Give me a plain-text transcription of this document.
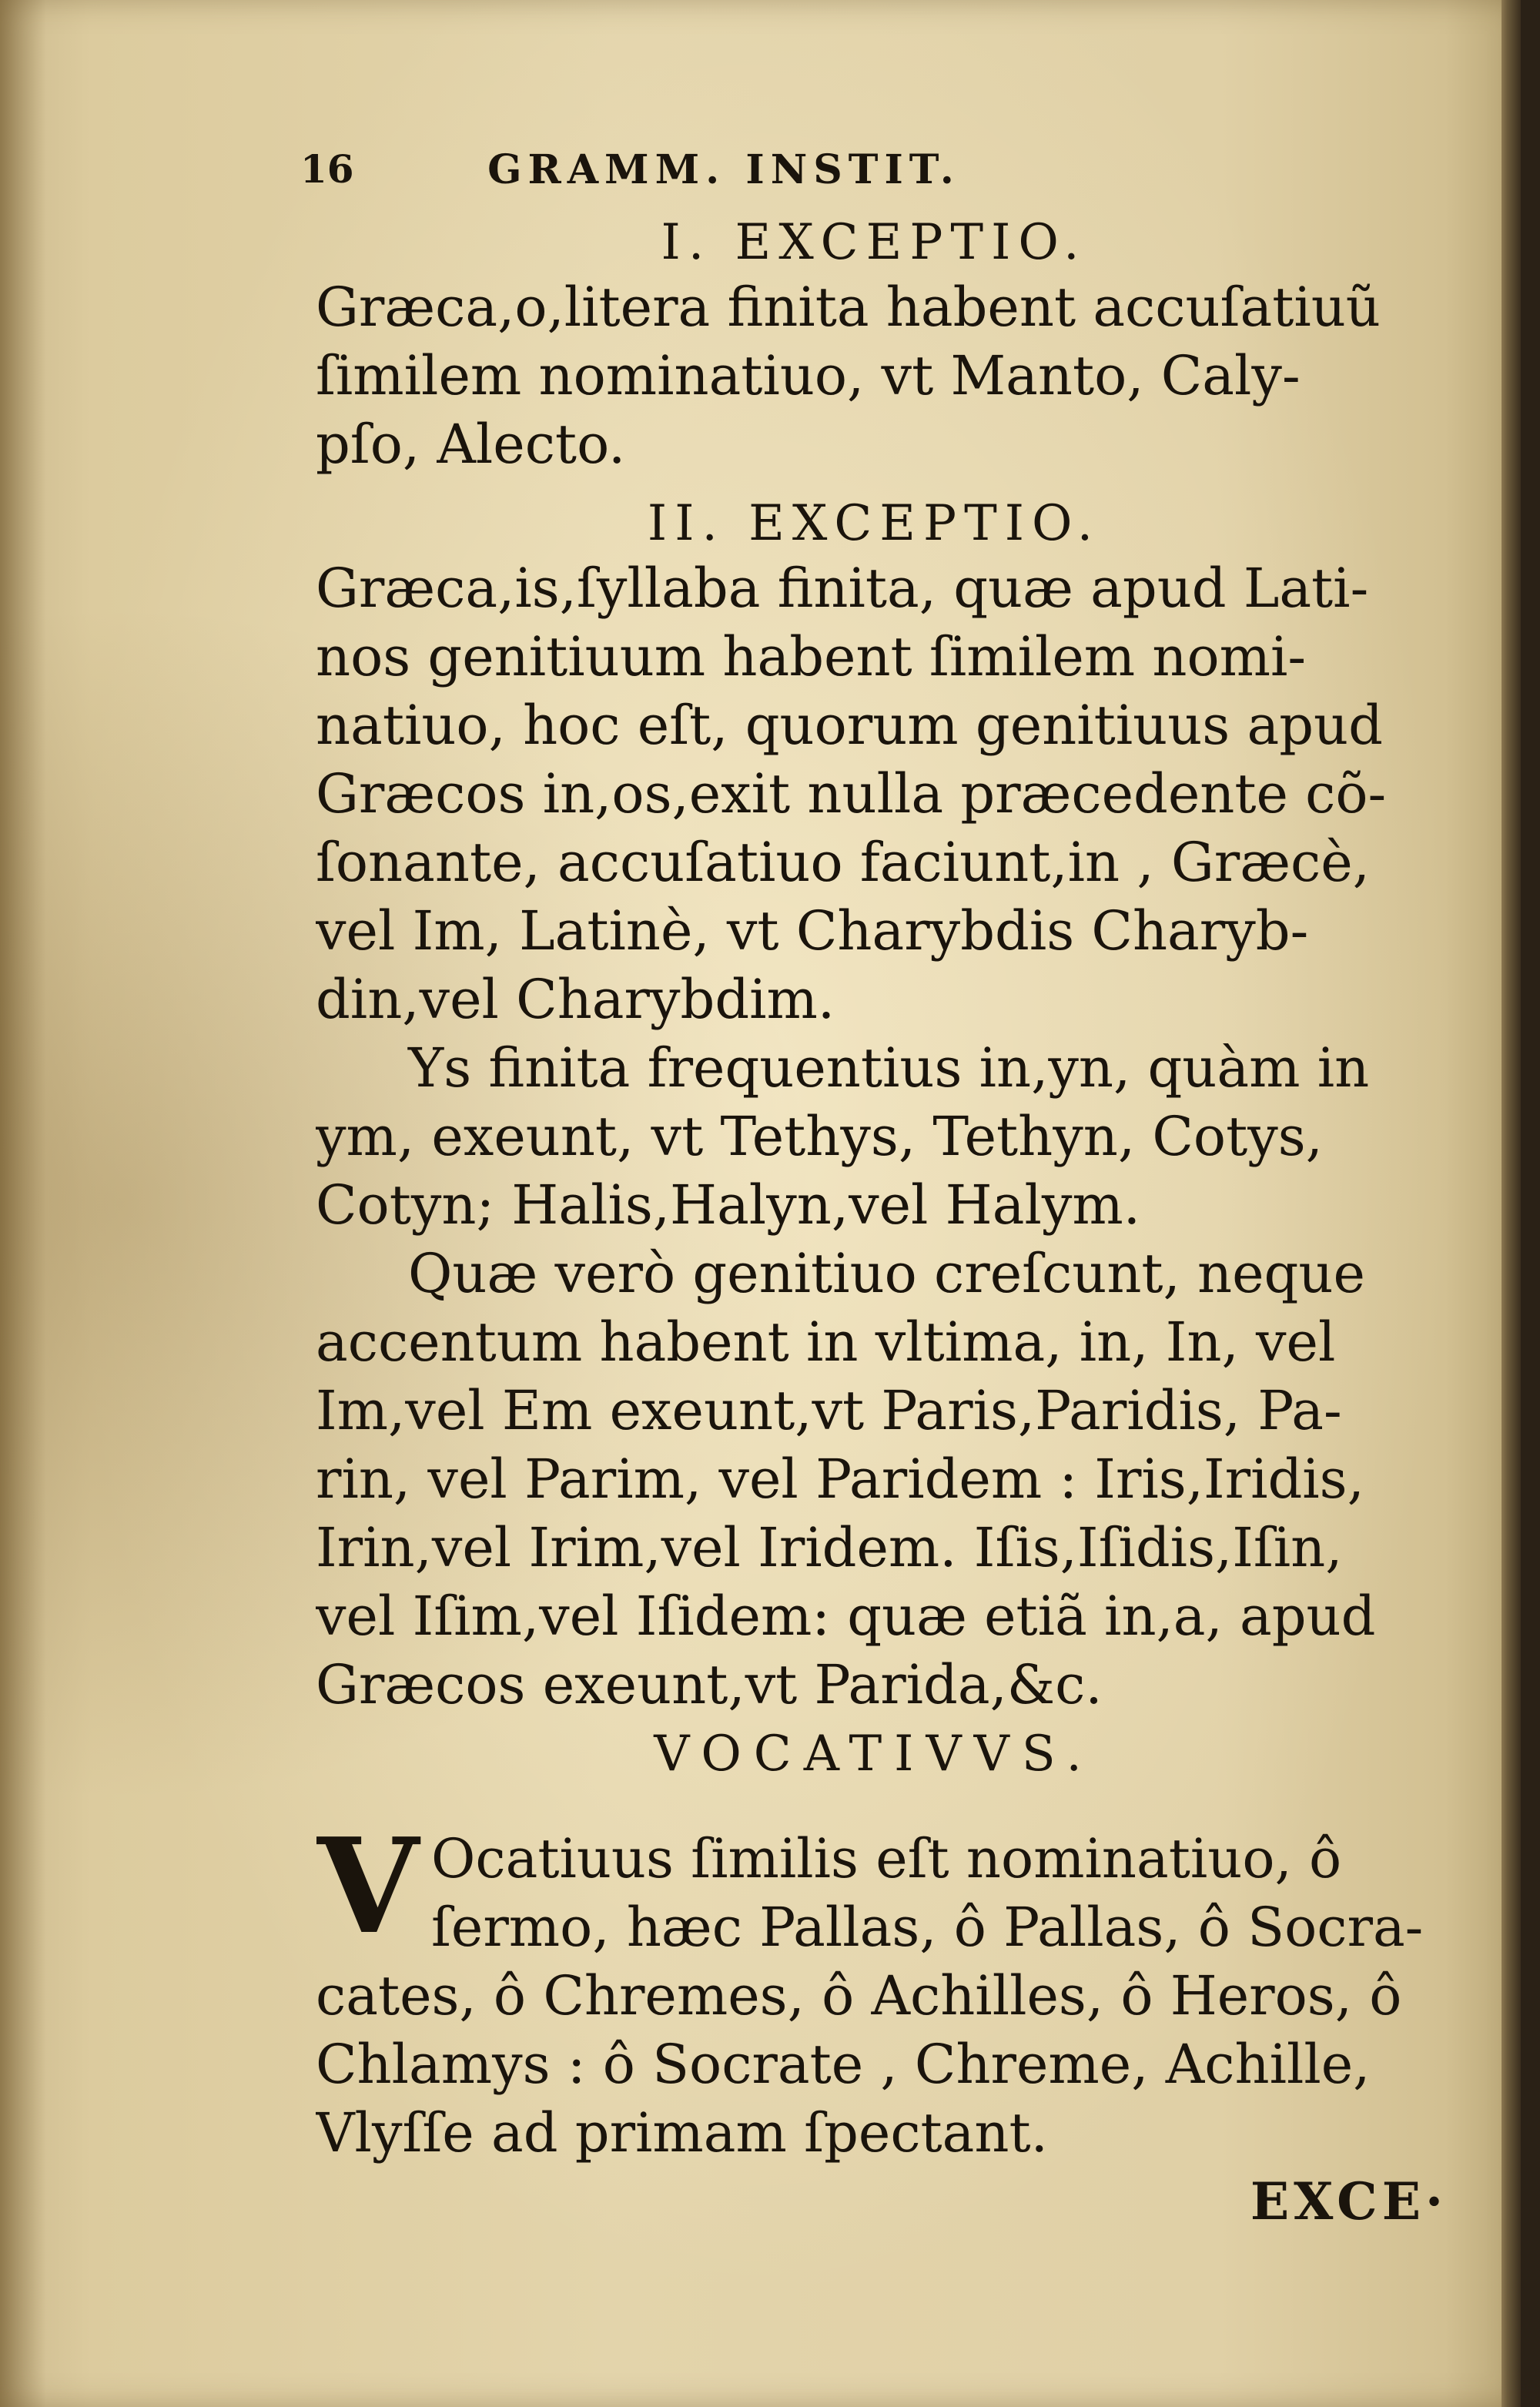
16	GRAMM. INSTIT.
I. EXCEPTIO.
Græca,o,litera finita habent accuſatiuũ
ſimilem nominatiuo, vt Manto, Caly-
pſo, Alecto.
II. EXCEPTIO.
Græca,is,ſyllaba finita, quæ apud Lati-
nos genitiuum habent ſimilem nomi-
natiuo, hoc eſt, quorum genitiuus apud
Græcos in,os,exit nulla præcedente cõ-
ſonante, accuſatiuo faciunt,in , Græcè,
vel Im, Latinè, vt Charybdis Charyb-
din,vel Charybdim.
Ys finita frequentius in,yn, quàm in
ym, exeunt, vt Tethys, Tethyn, Cotys,
Cotyn; Halis,Halyn,vel Halym.
Quæ verò genitiuo creſcunt, neque
accentum habent in vltima, in, In, vel
Im,vel Em exeunt,vt Paris,Paridis, Pa-
rin, vel Parim, vel Paridem : Iris,Iridis,
Irin,vel Irim,vel Iridem. Iſis,Iſidis,Iſin,
vel Iſim,vel Iſidem: quæ etiã in,a, apud
Græcos exeunt,vt Parida,&c.
VOCATIVVS.
V Ocatiuus ſimilis eſt nominatiuo, ô
ſermo, hæc Pallas, ô Pallas, ô Socra-
cates, ô Chremes, ô Achilles, ô Heros, ô
Chlamys : ô Socrate , Chreme, Achille,
Vlyſſe ad primam ſpectant.
EXCE·
